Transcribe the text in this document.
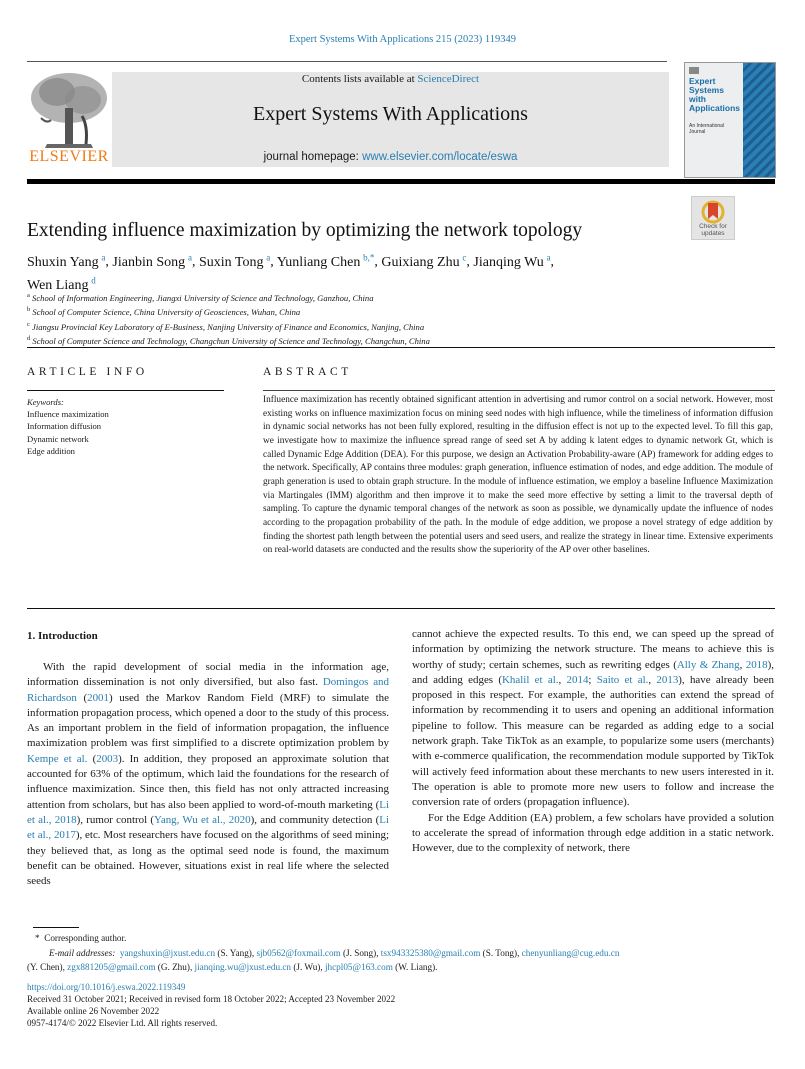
Expert Systems With Applications 215 (2023) 119349
ELSEVIER
Contents lists available at ScienceDirect
Expert Systems With Applications
journal homepage: www.elsevier.com/locate/eswa
Expert Systems with Applications
An International Journal
Check for
updates
Extending influence maximization by optimizing the network topology
Shuxin Yang  $^a$, Jianbin Song  $^a$, Suxin Tong  $^a$, Yunliang Chen  $^{b,*}$, Guixiang Zhu  $^c$, Jianqing Wu  $^a$,
Wen Liang  $^d$
$^a$ School of Information Engineering, Jiangxi University of Science and Technology, Ganzhou, China
$^b$ School of Computer Science, China University of Geosciences, Wuhan, China
$^c$ Jiangsu Provincial Key Laboratory of E-Business, Nanjing University of Finance and Economics, Nanjing, China
$^d$ School of Computer Science and Technology, Changchun University of Science and Technology, Changchun, China
ARTICLE INFO	ABSTRACT
Keywords:
Influence maximization
Information diffusion
Dynamic network
Edge addition
Influence maximization has recently obtained significant attention in advertising and rumor control on a social network. However, most existing works on influence maximization focus on mining seed nodes with high influence, while the timeliness of information diffusion in dynamic social networks has not been fully explored, resulting in the diffusion effect is not up to the expected level. To fill this gap, we investigate how to maximize the influence spread range of seed set A by adding k latent edges to dynamic network Gt, which is called Dynamic Edge Addition (DEA). For this purpose, we design an Activation Probability-aware (AP) framework for adding edges to the network. Specifically, AP contains three modules: graph generation, influence estimation of nodes, and edge addition. The module of graph generation is used to obtain graph structure. In the module of influence estimation, we employ a baseline Influence Maximization via Martingales (IMM) algorithm and then improve it to make the seed more effective by setting a limit to the traversal depth of sampling. To capture the dynamic temporal changes of the network as soon as possible, we dynamically update the influence of nodes according to the propagation probability of the path. In the module of edge addition, we propose a novel strategy of edge addition by finding the shortest path length between the potential users and seed users, and realize the strategy in linear time. Extensive experiments on real-world datasets are conducted and the results show the superiority of the AP over other baselines.
1. Introduction

With the rapid development of social media in the information age, information dissemination is not only diversified, but also fast. Domingos and Richardson (2001) used the Markov Random Field (MRF) to simulate the information propagation process, which opened a door to the study of this process. As an important problem in the field of information propagation, the influence maximization problem was first simplified to a discrete optimization problem by Kempe et al. (2003). In addition, they proposed an approximate solution that accounted for 63% of the optimum, which laid the foundations for the research of influence maximization. Since then, this field has not only attracted increasing attention from scholars, but has also been applied to word-of-mouth marketing (Li et al., 2018), rumor control (Yang, Wu et al., 2020), and community detection (Li et al., 2017), etc. Most researchers have focused on the algorithms of seed mining; they believed that, as long as the optimal seed node is found, the maximum benefit can be obtained. However, situations exist in real life where the selected seeds

cannot achieve the expected results. To this end, we can speed up the spread of information by optimizing the network structure. The means to achieve this is worthy of study; certain schemes, such as rewriting edges (Ally & Zhang, 2018), and adding edges (Khalil et al., 2014; Saito et al., 2013), have already been proposed in this respect. For example, the authorities can extend the spread of information by recommending it to users and opening an additional information pipeline to follow. This measure can be regarded as adding edge to a social network graph. Take TikTok as an example, to popularize some users (merchants) with e-commerce qualification, the recommendation module supported by TikTok will actively feed information about these merchants to new users interested in it. The operation is able to promote more new users to follow and increase the conversion rate of orders (propagation influence).

For the Edge Addition (EA) problem, a few scholars have provided a solution to accelerate the spread of information through edge addition in a static network. However, due to the complexity of network, there

* Corresponding author.
E-mail addresses: yangshuxin@jxust.edu.cn (S. Yang), sjb0562@foxmail.com (J. Song), tsx943325380@gmail.com (S. Tong), chenyunliang@cug.edu.cn
(Y. Chen), zgx881205@gmail.com (G. Zhu), jianqing.wu@jxust.edu.cn (J. Wu), jhcpl05@163.com (W. Liang).
https://doi.org/10.1016/j.eswa.2022.119349
Received 31 October 2021; Received in revised form 18 October 2022; Accepted 23 November 2022
Available online 26 November 2022
0957-4174/© 2022 Elsevier Ltd. All rights reserved.
